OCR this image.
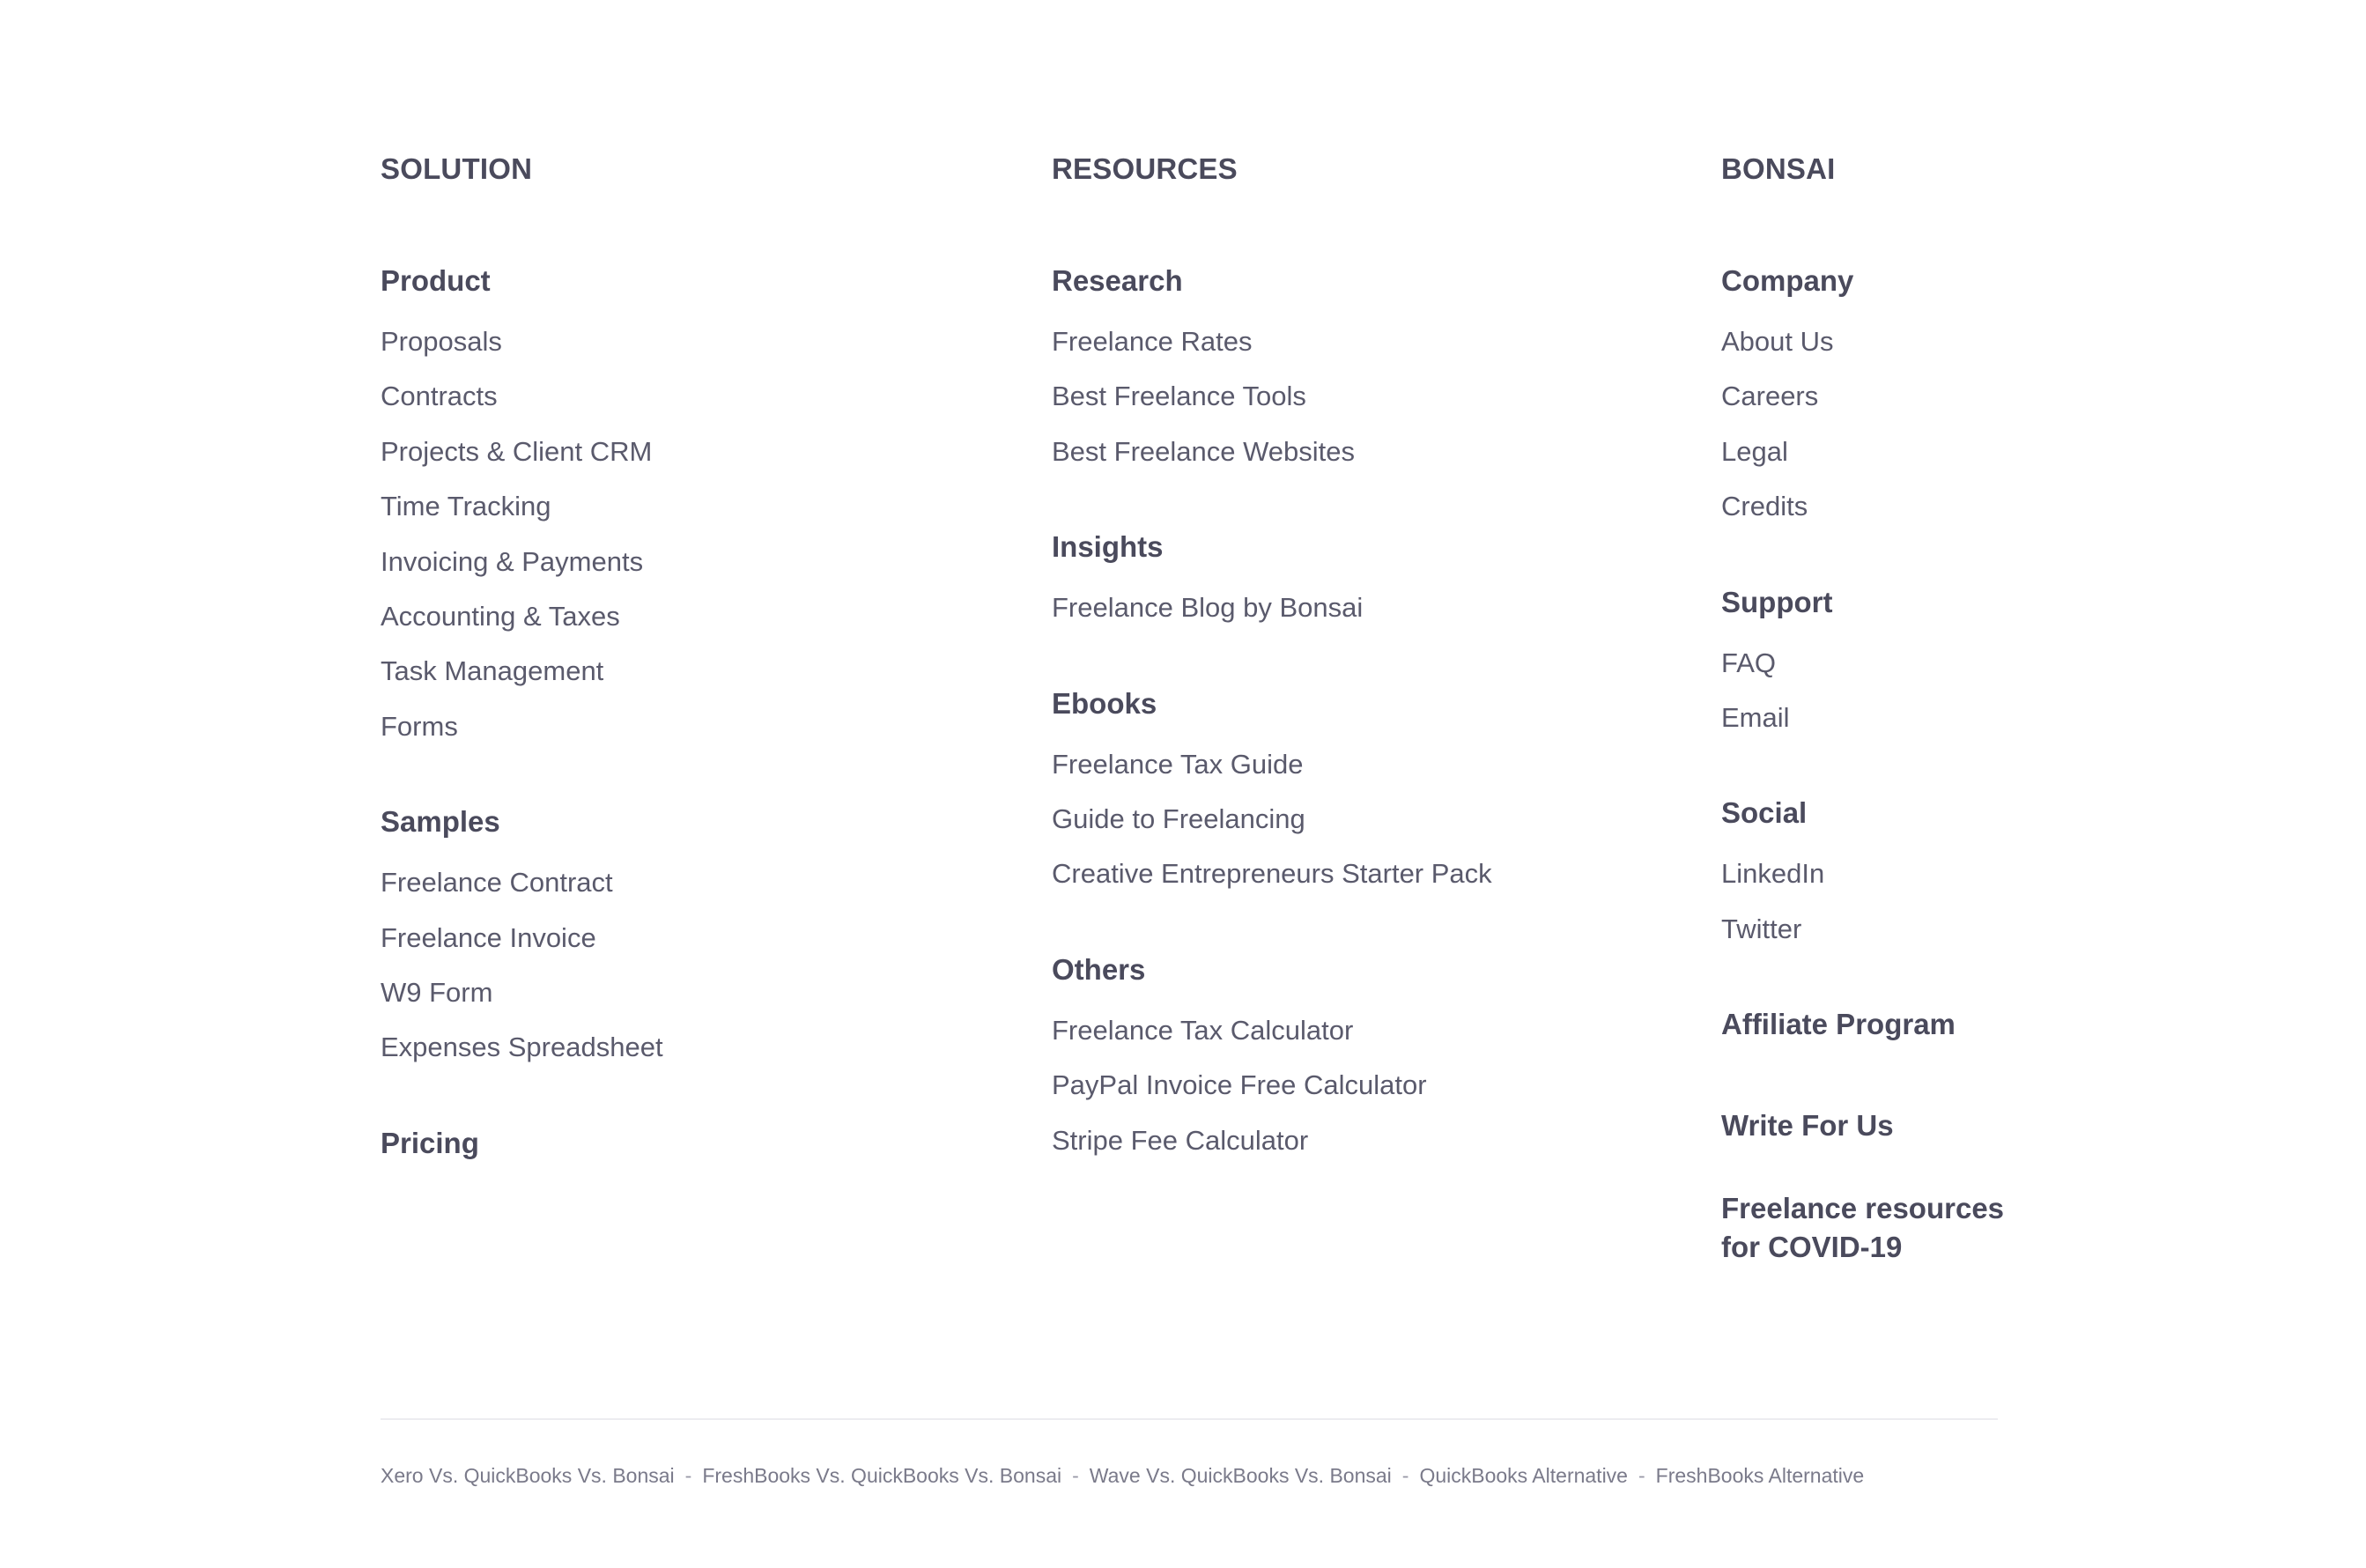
SOLUTION
Product
Proposals
Contracts
Projects & Client CRM
Time Tracking
Invoicing & Payments
Accounting & Taxes
Task Management
Forms
Samples
Freelance Contract
Freelance Invoice
W9 Form
Expenses Spreadsheet
Pricing
RESOURCES
Research
Freelance Rates
Best Freelance Tools
Best Freelance Websites
Insights
Freelance Blog by Bonsai
Ebooks
Freelance Tax Guide
Guide to Freelancing
Creative Entrepreneurs Starter Pack
Others
Freelance Tax Calculator
PayPal Invoice Free Calculator
Stripe Fee Calculator
BONSAI
Company
About Us
Careers
Legal
Credits
Support
FAQ
Email
Social
LinkedIn
Twitter
Affiliate Program
Write For Us
Freelance resources
for COVID-19
Xero Vs. QuickBooks Vs. Bonsai - FreshBooks Vs. QuickBooks Vs. Bonsai - Wave Vs. QuickBooks Vs. Bonsai - QuickBooks Alternative - FreshBooks Alternative
